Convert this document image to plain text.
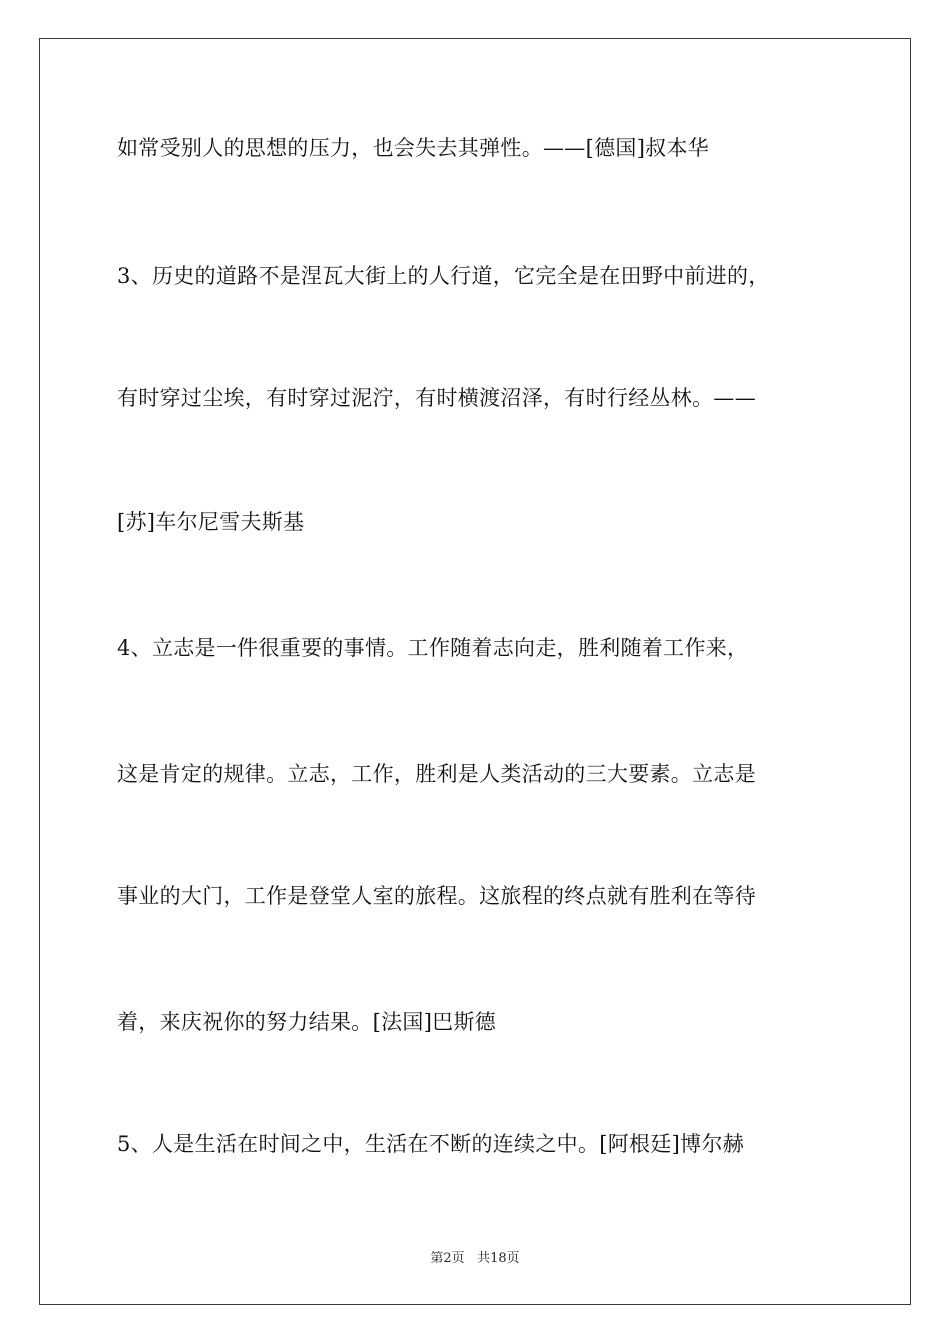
如常受别人的思想的压力，也会失去其弹性。——[德国]叔本华
3、历史的道路不是涅瓦大街上的人行道，它完全是在田野中前进的，
有时穿过尘埃，有时穿过泥泞，有时横渡沼泽，有时行经丛林。——
[苏]车尔尼雪夫斯基
4、立志是一件很重要的事情。工作随着志向走，胜利随着工作来，
这是肯定的规律。立志，工作，胜利是人类活动的三大要素。立志是
事业的大门，工作是登堂人室的旅程。这旅程的终点就有胜利在等待
着，来庆祝你的努力结果。[法国]巴斯德
5、人是生活在时间之中，生活在不断的连续之中。[阿根廷]博尔赫
第2页 共18页
